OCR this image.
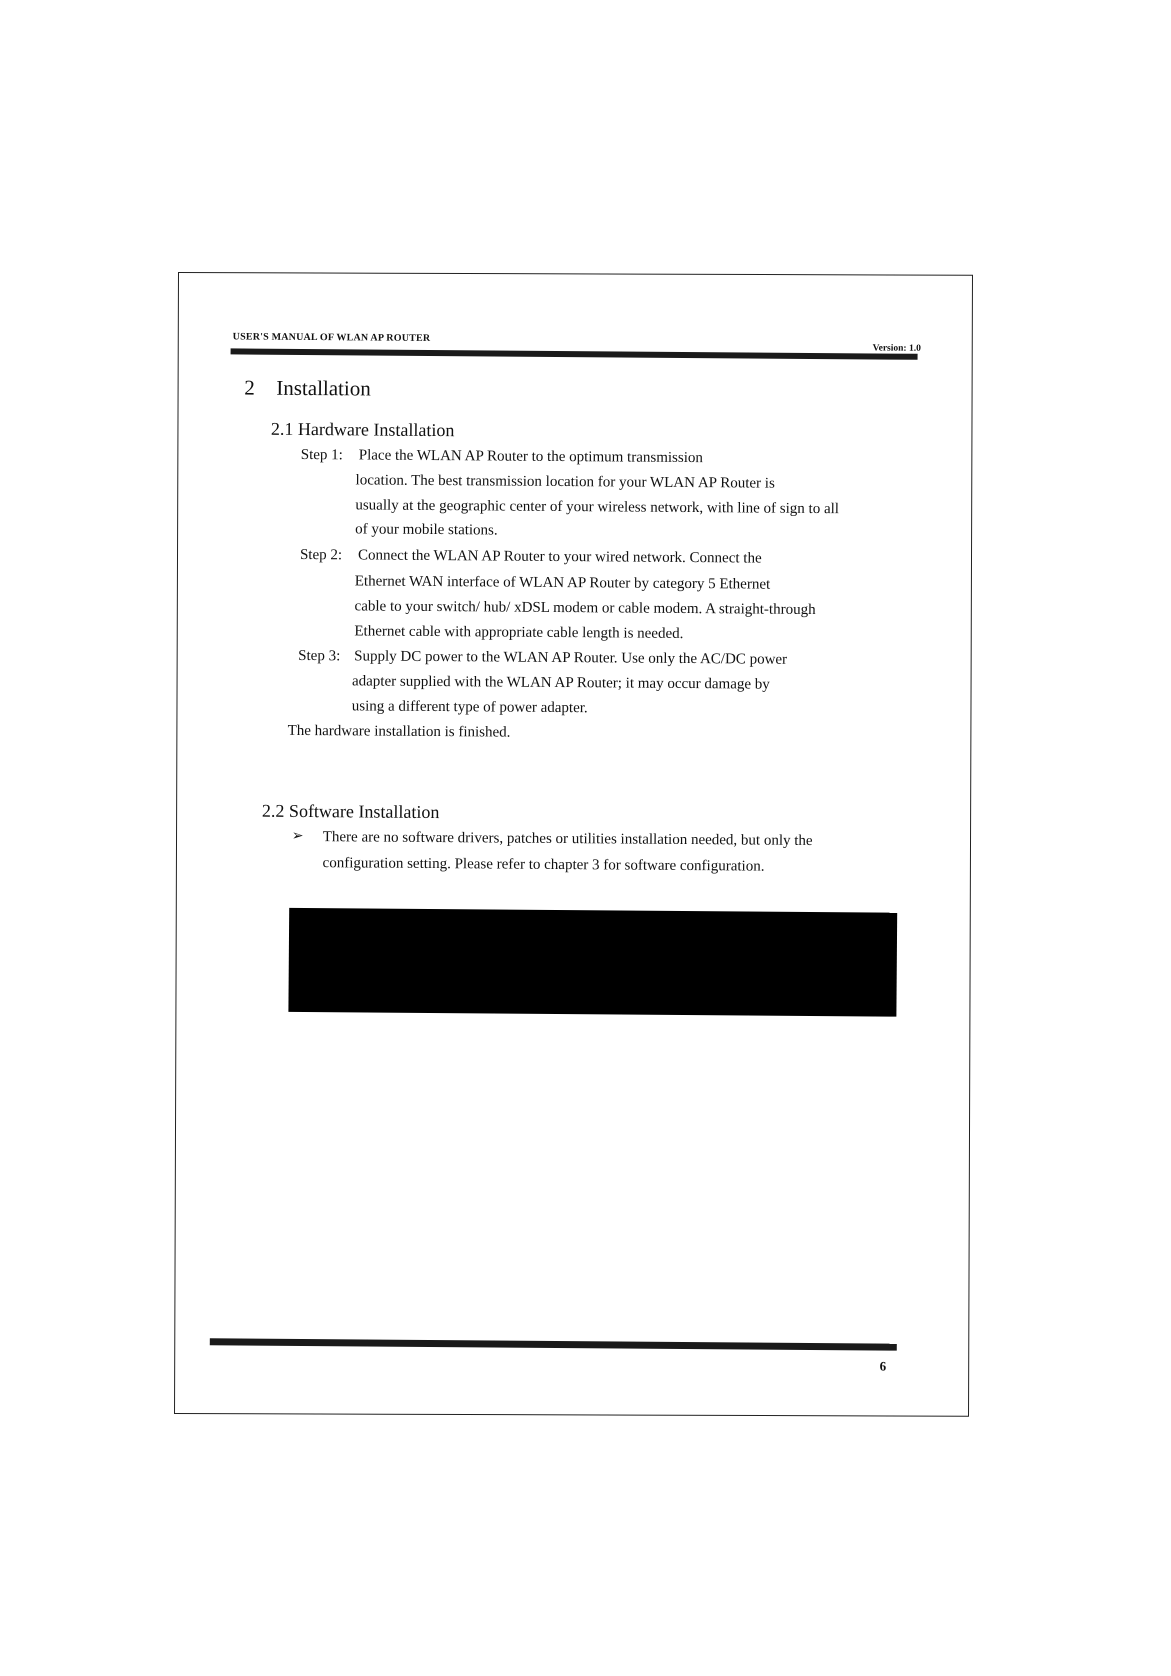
USER'S MANUAL OF WLAN AP ROUTER
Version: 1.0
2 Installation
2.1 Hardware Installation
Step 1: Place the WLAN AP Router to the optimum transmission
location. The best transmission location for your WLAN AP Router is
usually at the geographic center of your wireless network, with line of sign to all
of your mobile stations.
Step 2: Connect the WLAN AP Router to your wired network. Connect the
Ethernet WAN interface of WLAN AP Router by category 5 Ethernet
cable to your switch/ hub/ xDSL modem or cable modem. A straight-through
Ethernet cable with appropriate cable length is needed.
Step 3: Supply DC power to the WLAN AP Router. Use only the AC/DC power
adapter supplied with the WLAN AP Router; it may occur damage by
using a different type of power adapter.
The hardware installation is finished.
2.2 Software Installation
➢ There are no software drivers, patches or utilities installation needed, but only the
configuration setting. Please refer to chapter 3 for software configuration.
6
